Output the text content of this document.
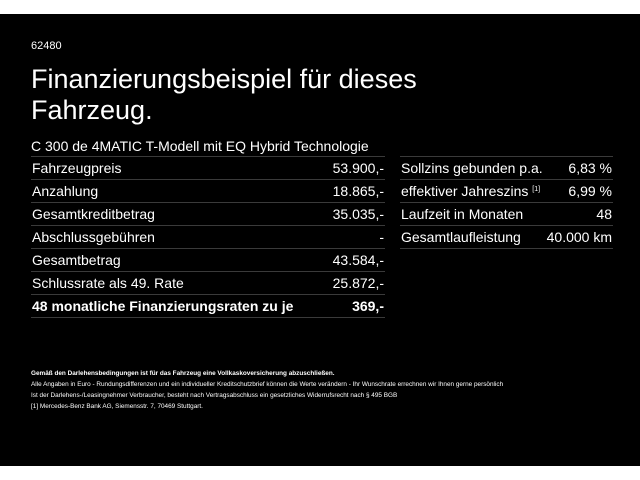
62480
Finanzierungsbeispiel für dieses Fahrzeug.
C 300 de 4MATIC T-Modell mit EQ Hybrid Technologie
Fahrzeugpreis	53.900,-
Anzahlung	18.865,-
Gesamtkreditbetrag	35.035,-
Abschlussgebühren	-
Gesamtbetrag	43.584,-
Schlussrate als 49. Rate	25.872,-
48 monatliche Finanzierungsraten zu je	369,-
Sollzins gebunden p.a.	6,83 %
effektiver Jahreszins [1]	6,99 %
Laufzeit in Monaten	48
Gesamtlaufleistung	40.000 km
Gemäß den Darlehensbedingungen ist für das Fahrzeug eine Vollkaskoversicherung abzuschließen.
Alle Angaben in Euro - Rundungsdifferenzen und ein individueller Kreditschutzbrief können die Werte verändern - Ihr Wunschrate errechnen wir Ihnen gerne persönlich
Ist der Darlehens-/Leasingnehmer Verbraucher, besteht nach Vertragsabschluss ein gesetzliches Widerrufsrecht nach § 495 BGB
[1] Mercedes-Benz Bank AG, Siemensstr. 7, 70469 Stuttgart.
